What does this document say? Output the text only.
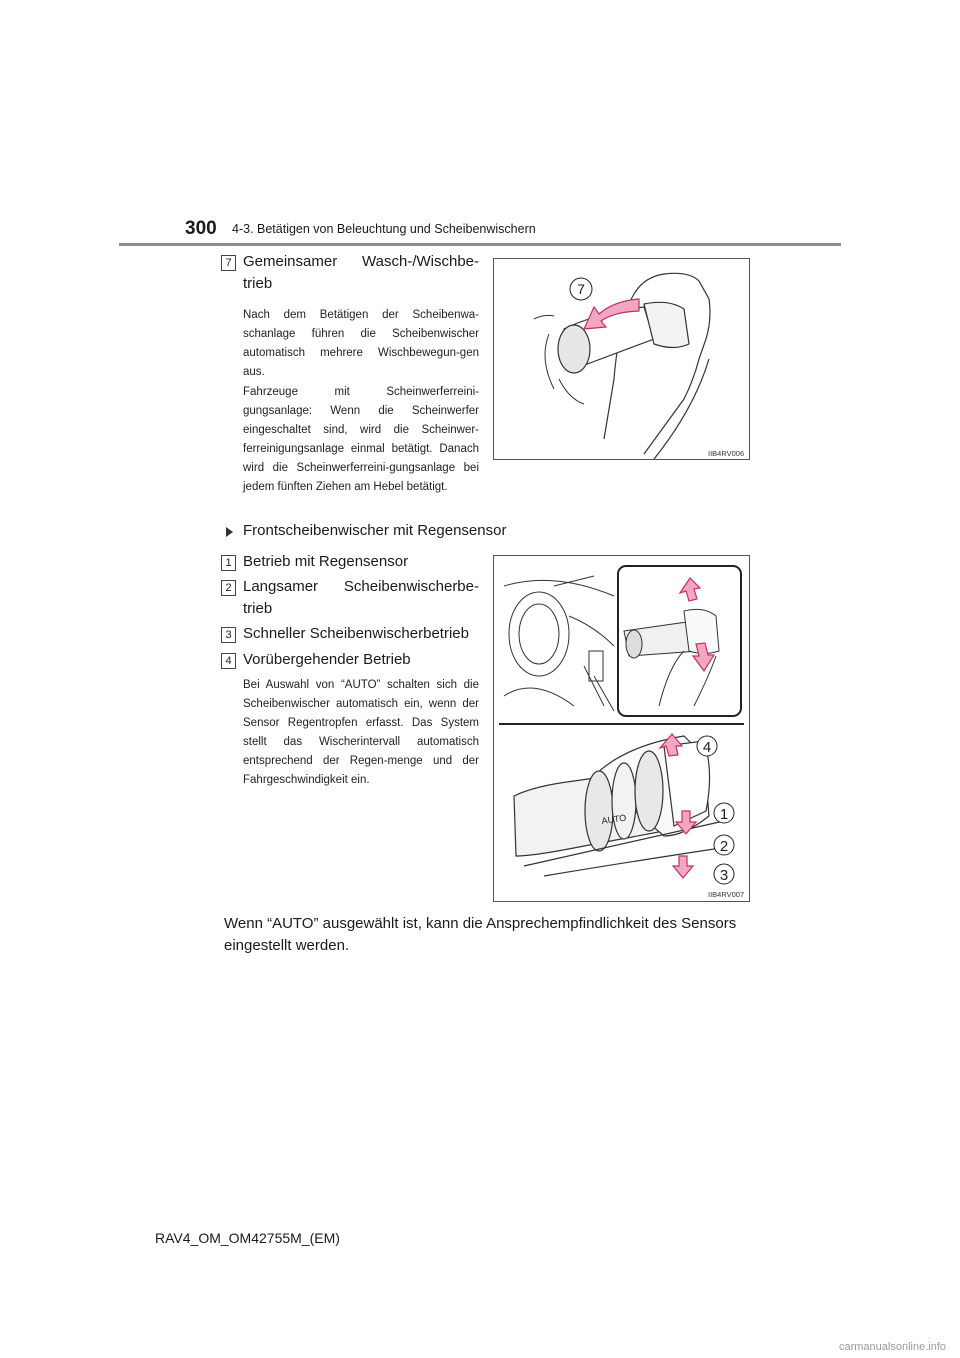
300 4-3. Betätigen von Beleuchtung und Scheibenwischern
7 Gemeinsamer Wasch-/Wischbe-trieb
Nach dem Betätigen der Scheibenwa-schanlage führen die Scheibenwischer automatisch mehrere Wischbewegun-gen aus.
Fahrzeuge mit Scheinwerferreini-gungsanlage: Wenn die Scheinwerfer eingeschaltet sind, wird die Scheinwer-ferreinigungsanlage einmal betätigt. Danach wird die Scheinwerferreini-gungsanlage bei jedem fünften Ziehen am Hebel betätigt.
7
IIB4RV006
Frontscheibenwischer mit Regensensor
1 Betrieb mit Regensensor
2 Langsamer Scheibenwischerbe-trieb
3 Schneller Scheibenwischerbetrieb
4 Vorübergehender Betrieb
Bei Auswahl von “AUTO” schalten sich die Scheibenwischer automatisch ein, wenn der Sensor Regentropfen erfasst. Das System stellt das Wischerintervall automatisch entsprechend der Regen-menge und der Fahrgeschwindigkeit ein.
AUTO
4
1
2
3
IIB4RV007
Wenn “AUTO” ausgewählt ist, kann die Ansprechempfindlichkeit des Sensors eingestellt werden.
RAV4_OM_OM42755M_(EM)
carmanualsonline.info
